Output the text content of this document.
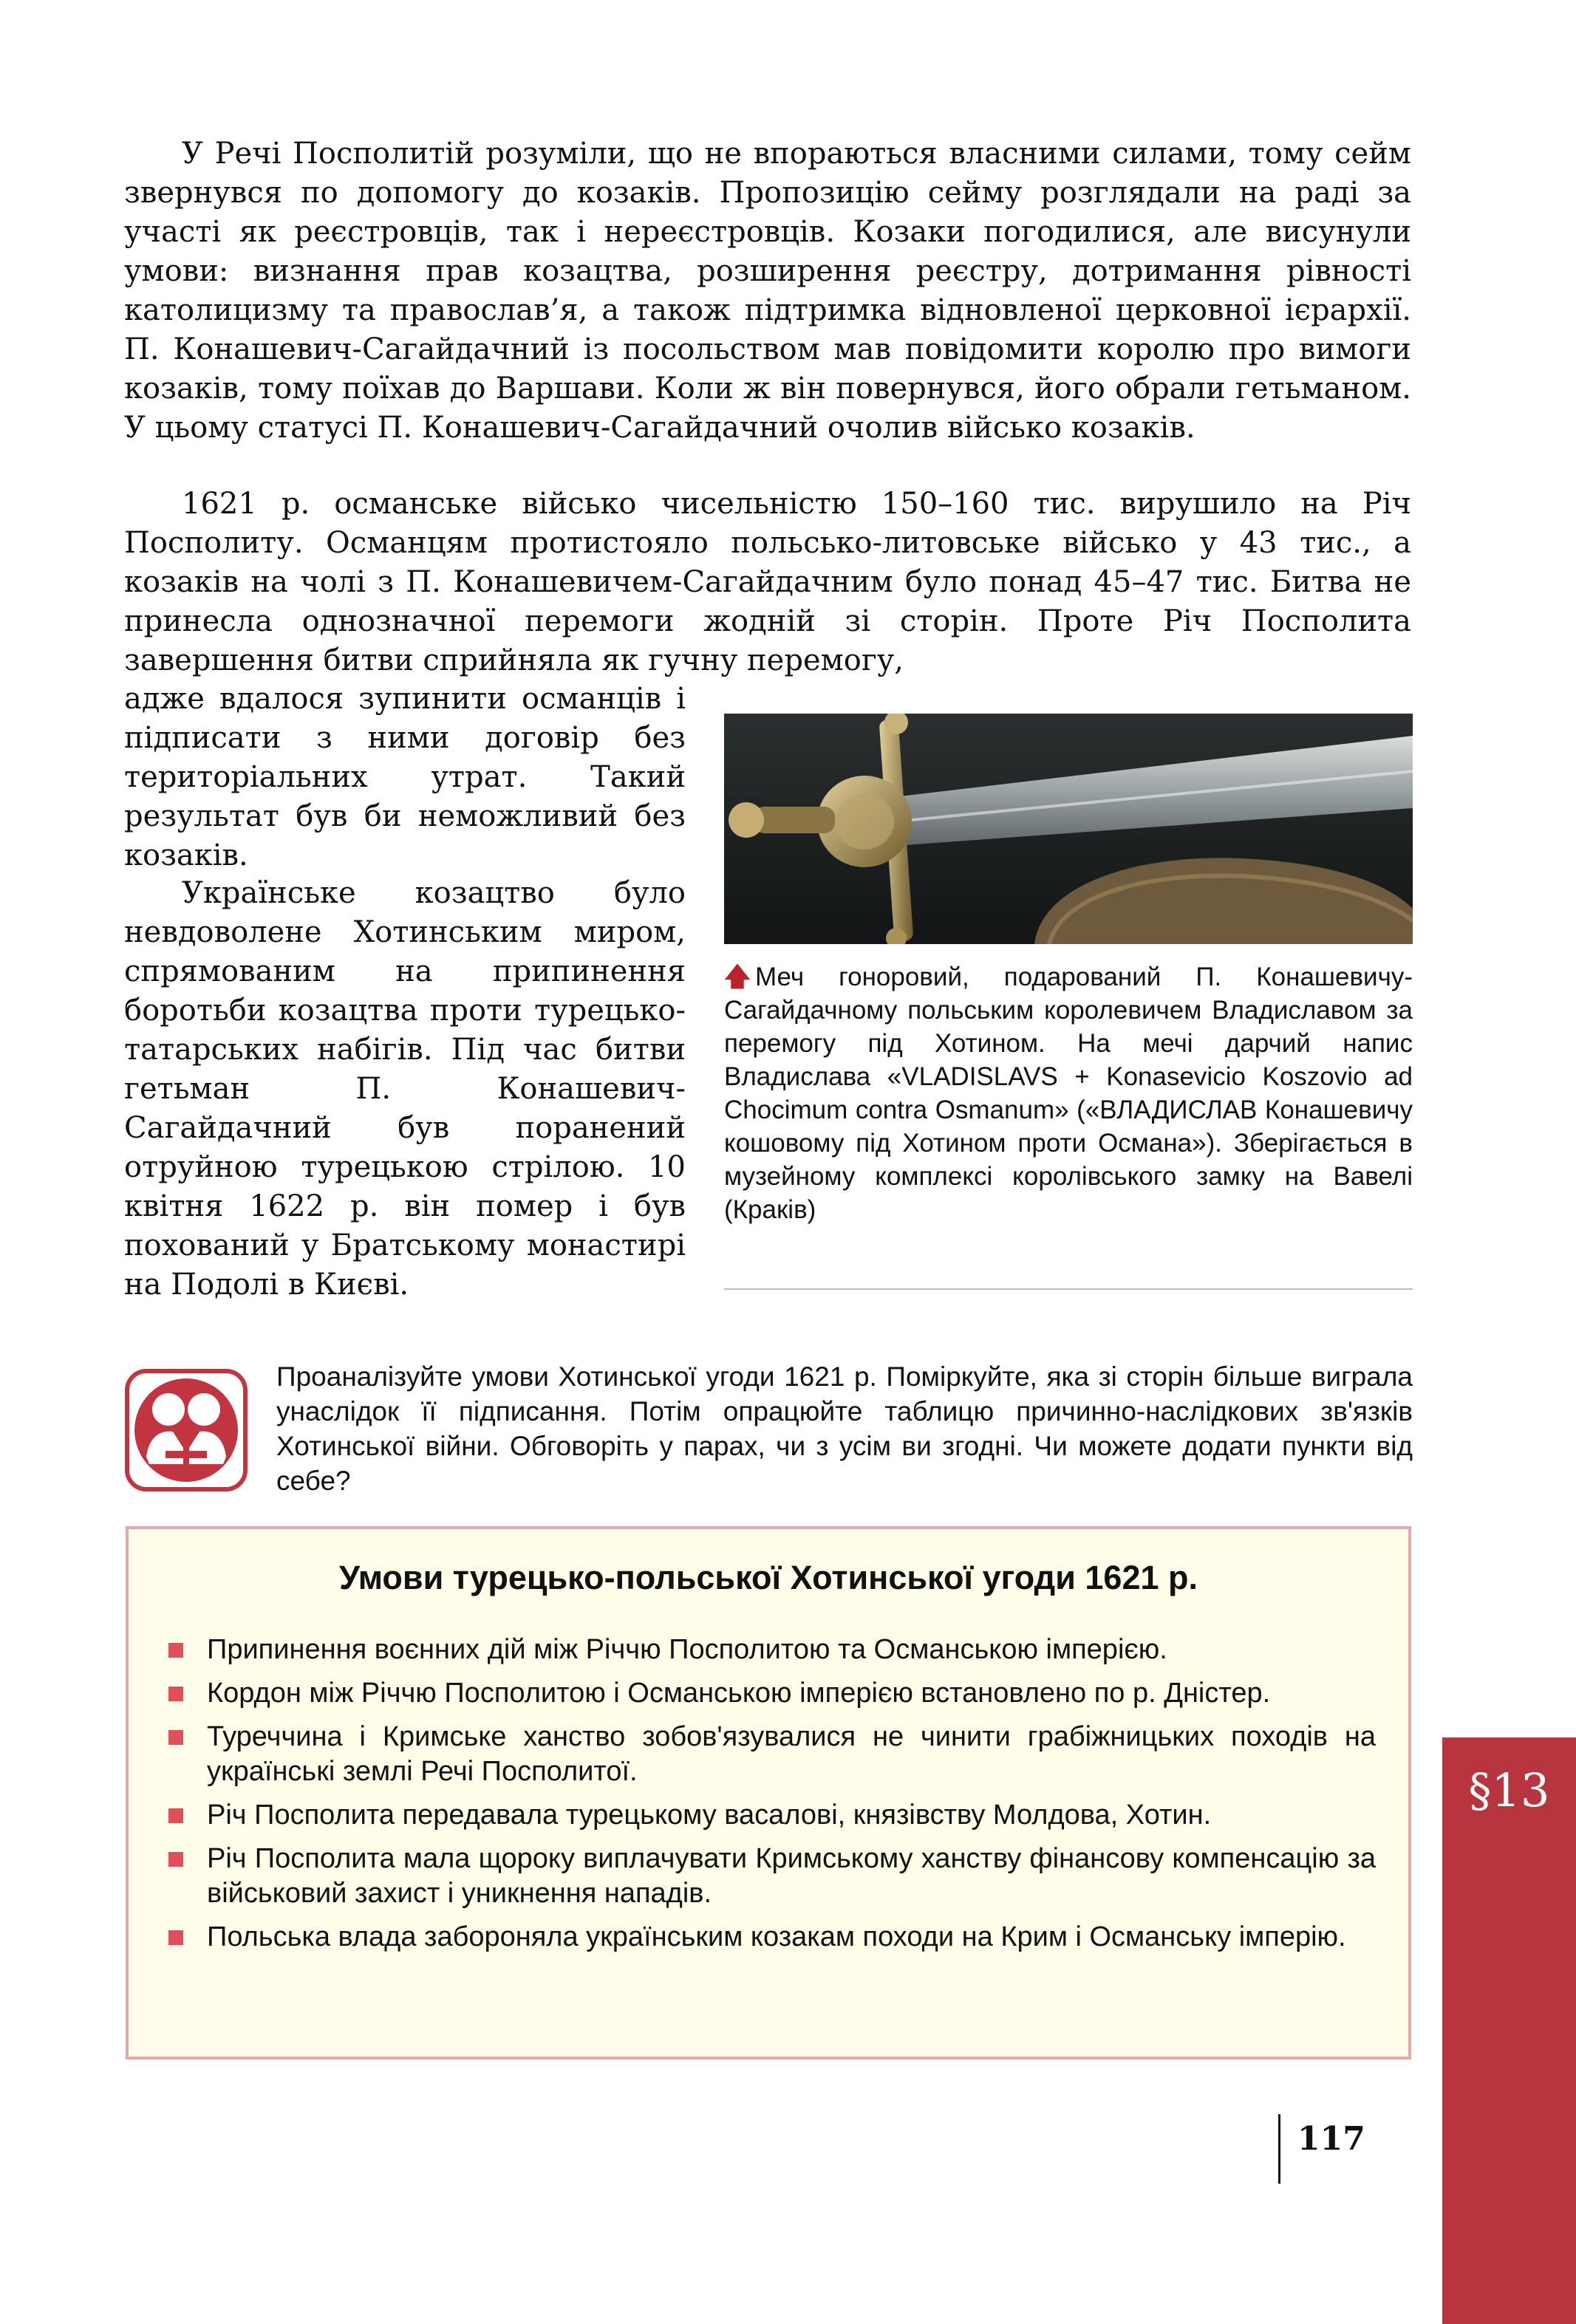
У Речі Посполитій розуміли, що не впораються власними силами, тому сейм звернувся по допомогу до козаків. Пропозицію сейму розглядали на раді за участі як реєстровців, так і нереєстровців. Козаки погодилися, але висунули умови: визнання прав козацтва, розширення реєстру, дотримання рівності католицизму та православ’я, а також підтримка відновленої церковної ієрархії. П. Конашевич-Сагайдачний із посольством мав повідомити королю про вимоги козаків, тому поїхав до Варшави. Коли ж він повернувся, його обрали гетьманом. У цьому статусі П. Конашевич-Сагайдачний очолив військо козаків.

1621 р. османське військо чисельністю 150–160 тис. вирушило на Річ Посполиту. Османцям протистояло польсько-литовське військо у 43 тис., а козаків на чолі з П. Конашевичем-Сагайдачним було понад 45–47 тис. Битва не принесла однозначної перемоги жодній зі сторін. Проте Річ Посполита завершення битви сприйняла як гучну перемогу,

адже вдалося зупинити османців і підписати з ними договір без територіальних утрат. Такий результат був би неможливий без козаків.

Українське козацтво було невдоволене Хотинським миром, спрямованим на припинення боротьби козацтва проти турецько-татарських набігів. Під час битви гетьман П. Конашевич-Сагайдачний був поранений отруйною турецькою стрілою. 10 квітня 1622 р. він помер і був похований у Братському монастирі на Подолі в Києві.

🡅 Меч гоноровий, подарований П. Конашевичу-Сагайдачному польським королевичем Владиславом за перемогу під Хотином. На мечі дарчий напис Владислава «VLADISLAVS + Konasevicio Koszovio ad Chocimum contra Osmanum» («ВЛАДИСЛАВ Конашевичу кошовому під Хотином проти Османа»). Зберігається в музейному комплексі королівського замку на Вавелі (Краків)

Проаналізуйте умови Хотинської угоди 1621 р. Поміркуйте, яка зі сторін більше виграла унаслідок її підписання. Потім опрацюйте таблицю причинно-наслідкових зв'язків Хотинської війни. Обговоріть у парах, чи з усім ви згодні. Чи можете додати пункти від себе?

Умови турецько-польської Хотинської угоди 1621 р.
Припинення воєнних дій між Річчю Посполитою та Османською імперією.
Кордон між Річчю Посполитою і Османською імперією встановлено по р. Дністер.
Туреччина і Кримське ханство зобов'язувалися не чинити грабіжницьких походів на українські землі Речі Посполитої.
Річ Посполита передавала турецькому васалові, князівству Молдова, Хотин.
Річ Посполита мала щороку виплачувати Кримському ханству фінансову компенсацію за військовий захист і уникнення нападів.
Польська влада забороняла українським козакам походи на Крим і Османську імперію.
§13
117
